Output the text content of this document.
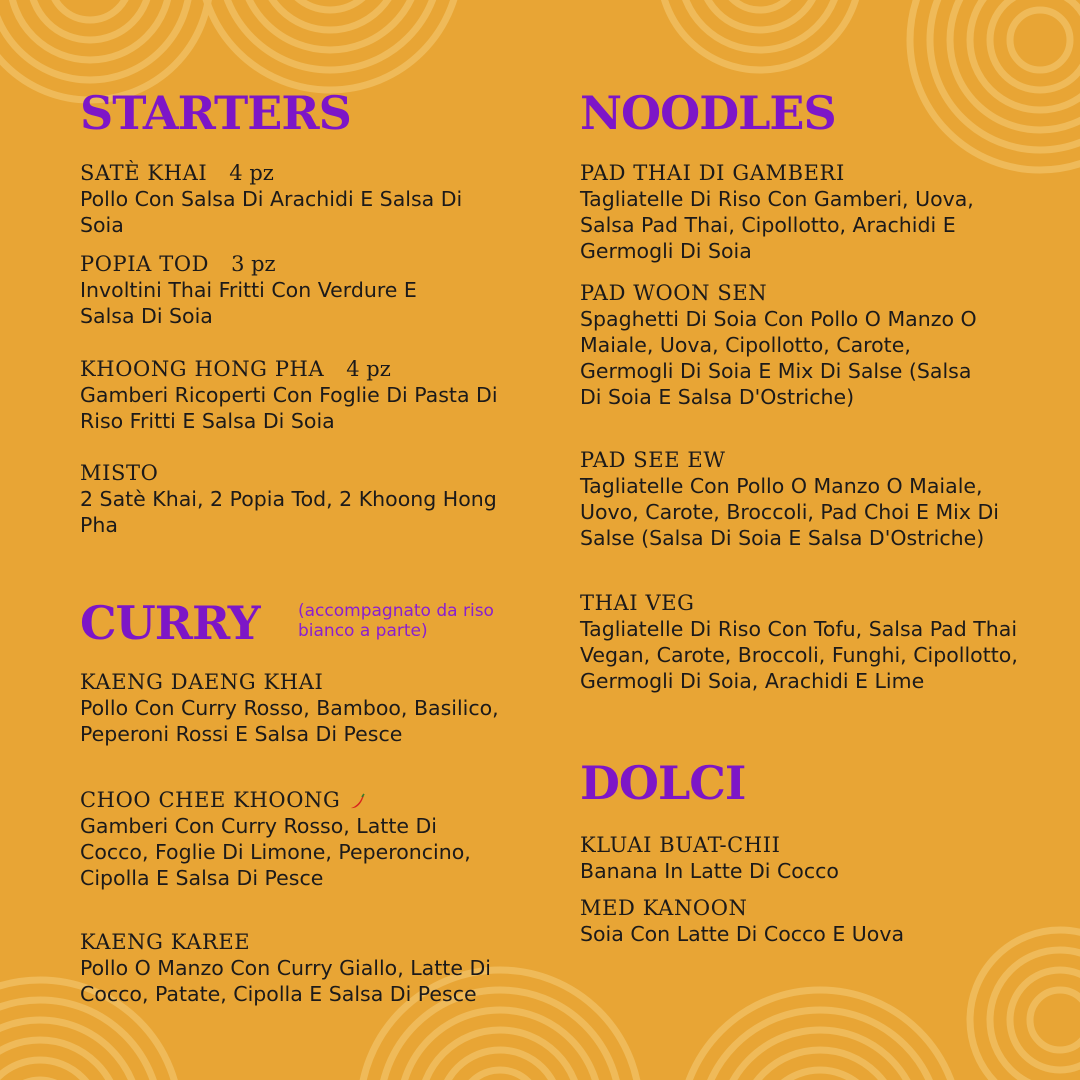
STARTERS
SATÈ KHAI 4 pz
Pollo Con Salsa Di Arachidi E Salsa Di Soia
POPIA TOD 3 pz
Involtini Thai Fritti Con Verdure E Salsa Di Soia
KHOONG HONG PHA 4 pz
Gamberi Ricoperti Con Foglie Di Pasta Di Riso Fritti E Salsa Di Soia
MISTO
2 Satè Khai, 2 Popia Tod, 2 Khoong Hong Pha
CURRY (accompagnato da riso bianco a parte)
KAENG DAENG KHAI
Pollo Con Curry Rosso, Bamboo, Basilico, Peperoni Rossi E Salsa Di Pesce
CHOO CHEE KHOONG
Gamberi Con Curry Rosso, Latte Di Cocco, Foglie Di Limone, Peperoncino, Cipolla E Salsa Di Pesce
KAENG KAREE
Pollo O Manzo Con Curry Giallo, Latte Di Cocco, Patate, Cipolla E Salsa Di Pesce
NOODLES
PAD THAI DI GAMBERI
Tagliatelle Di Riso Con Gamberi, Uova, Salsa Pad Thai, Cipollotto, Arachidi E Germogli Di Soia
PAD WOON SEN
Spaghetti Di Soia Con Pollo O Manzo O Maiale, Uova, Cipollotto, Carote, Germogli Di Soia E Mix Di Salse (Salsa Di Soia E Salsa D'Ostriche)
PAD SEE EW
Tagliatelle Con Pollo O Manzo O Maiale, Uovo, Carote, Broccoli, Pad Choi E Mix Di Salse (Salsa Di Soia E Salsa D'Ostriche)
THAI VEG
Tagliatelle Di Riso Con Tofu, Salsa Pad Thai Vegan, Carote, Broccoli, Funghi, Cipollotto, Germogli Di Soia, Arachidi E Lime
DOLCI
KLUAI BUAT-CHII
Banana In Latte Di Cocco
MED KANOON
Soia Con Latte Di Cocco E Uova
